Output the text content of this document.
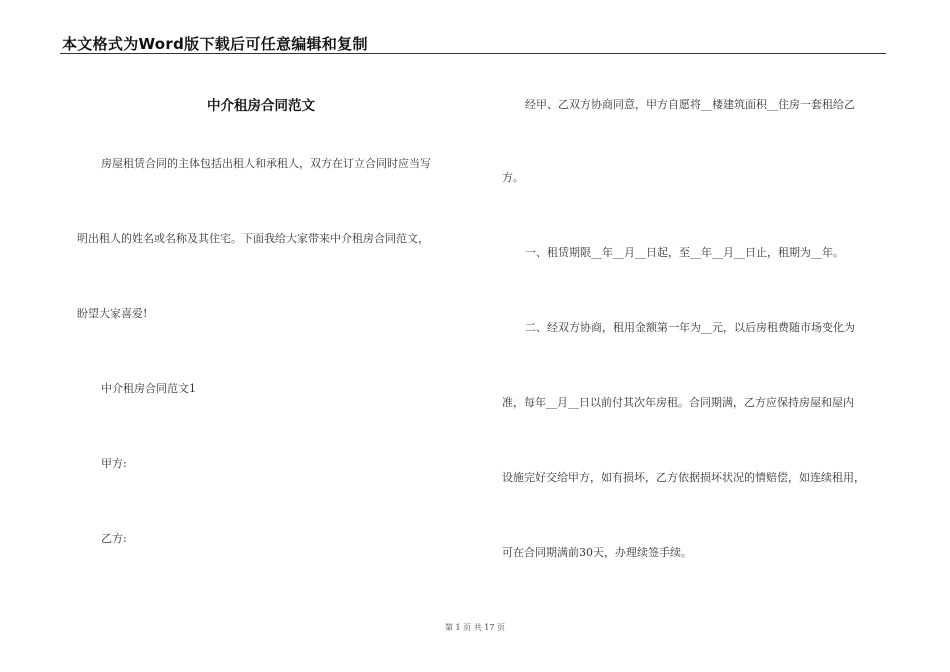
本文格式为Word版下载后可任意编辑和复制
中介租房合同范文
房屋租赁合同的主体包括出租人和承租人，双方在订立合同时应当写
明出租人的姓名或名称及其住宅。下面我给大家带来中介租房合同范文，
盼望大家喜爱!
中介租房合同范文1
甲方:
乙方:
经甲、乙双方协商同意，甲方自愿将__楼建筑面积__住房一套租给乙
方。
一、租赁期限__年__月__日起，至__年__月__日止，租期为__年。
二、经双方协商，租用金额第一年为__元，以后房租费随市场变化为
准，每年__月__日以前付其次年房租。合同期满，乙方应保持房屋和屋内
设施完好交给甲方，如有损坏，乙方依据损坏状况的情赔偿，如连续租用，
可在合同期满前30天，办理续签手续。
第 1 页 共 17 页
